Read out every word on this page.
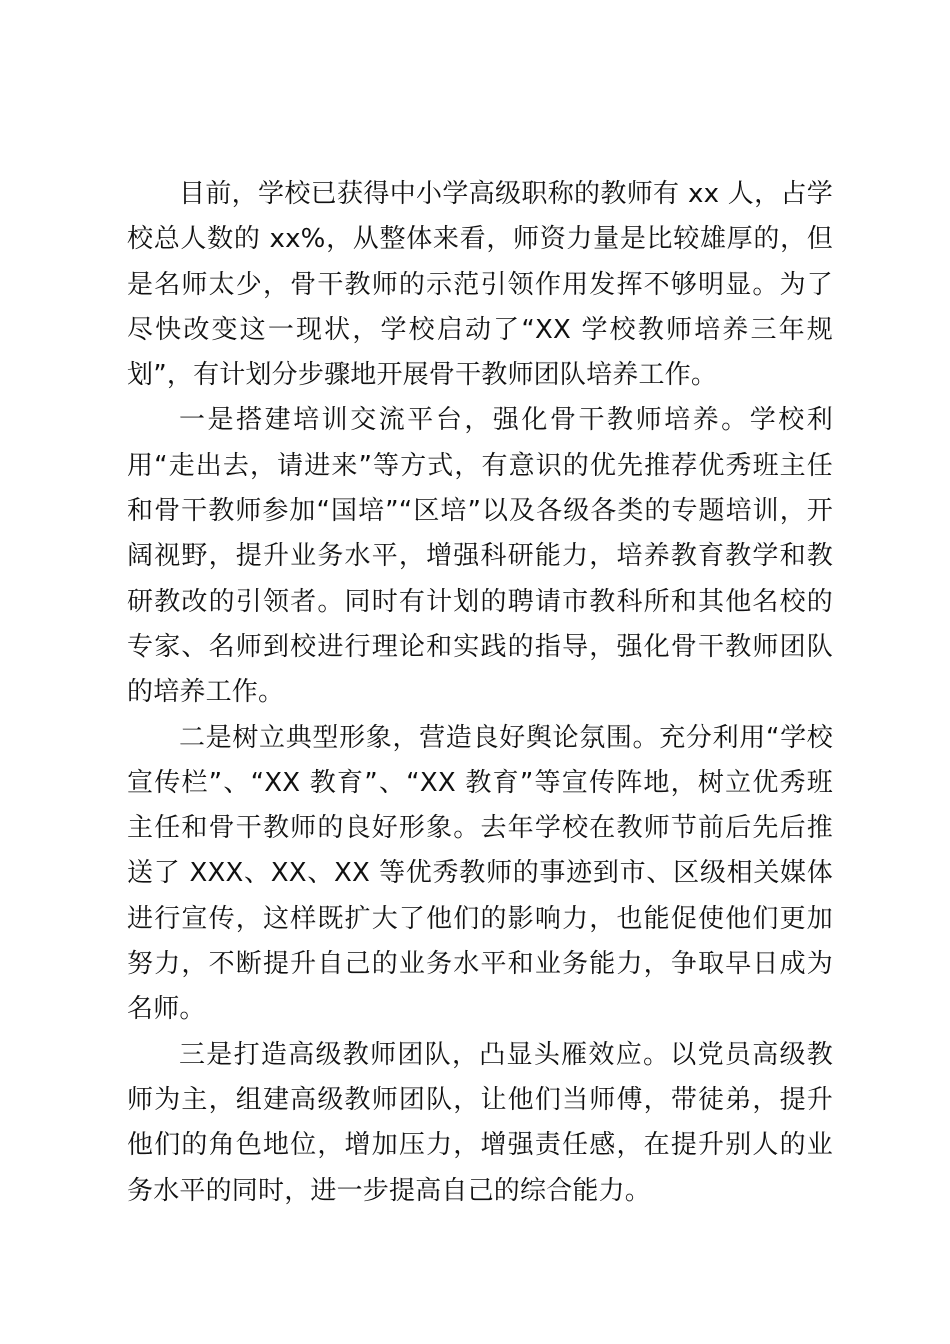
目前，学校已获得中小学高级职称的教师有 xx 人，占学校总人数的 xx%，从整体来看，师资力量是比较雄厚的，但是名师太少，骨干教师的示范引领作用发挥不够明显。为了尽快改变这一现状，学校启动了“XX 学校教师培养三年规划”，有计划分步骤地开展骨干教师团队培养工作。

一是搭建培训交流平台，强化骨干教师培养。学校利用“走出去，请进来”等方式，有意识的优先推荐优秀班主任和骨干教师参加“国培”“区培”以及各级各类的专题培训，开阔视野，提升业务水平，增强科研能力，培养教育教学和教研教改的引领者。同时有计划的聘请市教科所和其他名校的专家、名师到校进行理论和实践的指导，强化骨干教师团队的培养工作。

二是树立典型形象，营造良好舆论氛围。充分利用“学校宣传栏”、“XX 教育”、“XX 教育”等宣传阵地，树立优秀班主任和骨干教师的良好形象。去年学校在教师节前后先后推送了 XXX、XX、XX 等优秀教师的事迹到市、区级相关媒体进行宣传，这样既扩大了他们的影响力，也能促使他们更加努力，不断提升自己的业务水平和业务能力，争取早日成为名师。

三是打造高级教师团队，凸显头雁效应。以党员高级教师为主，组建高级教师团队，让他们当师傅，带徒弟，提升他们的角色地位，增加压力，增强责任感，在提升别人的业务水平的同时，进一步提高自己的综合能力。
